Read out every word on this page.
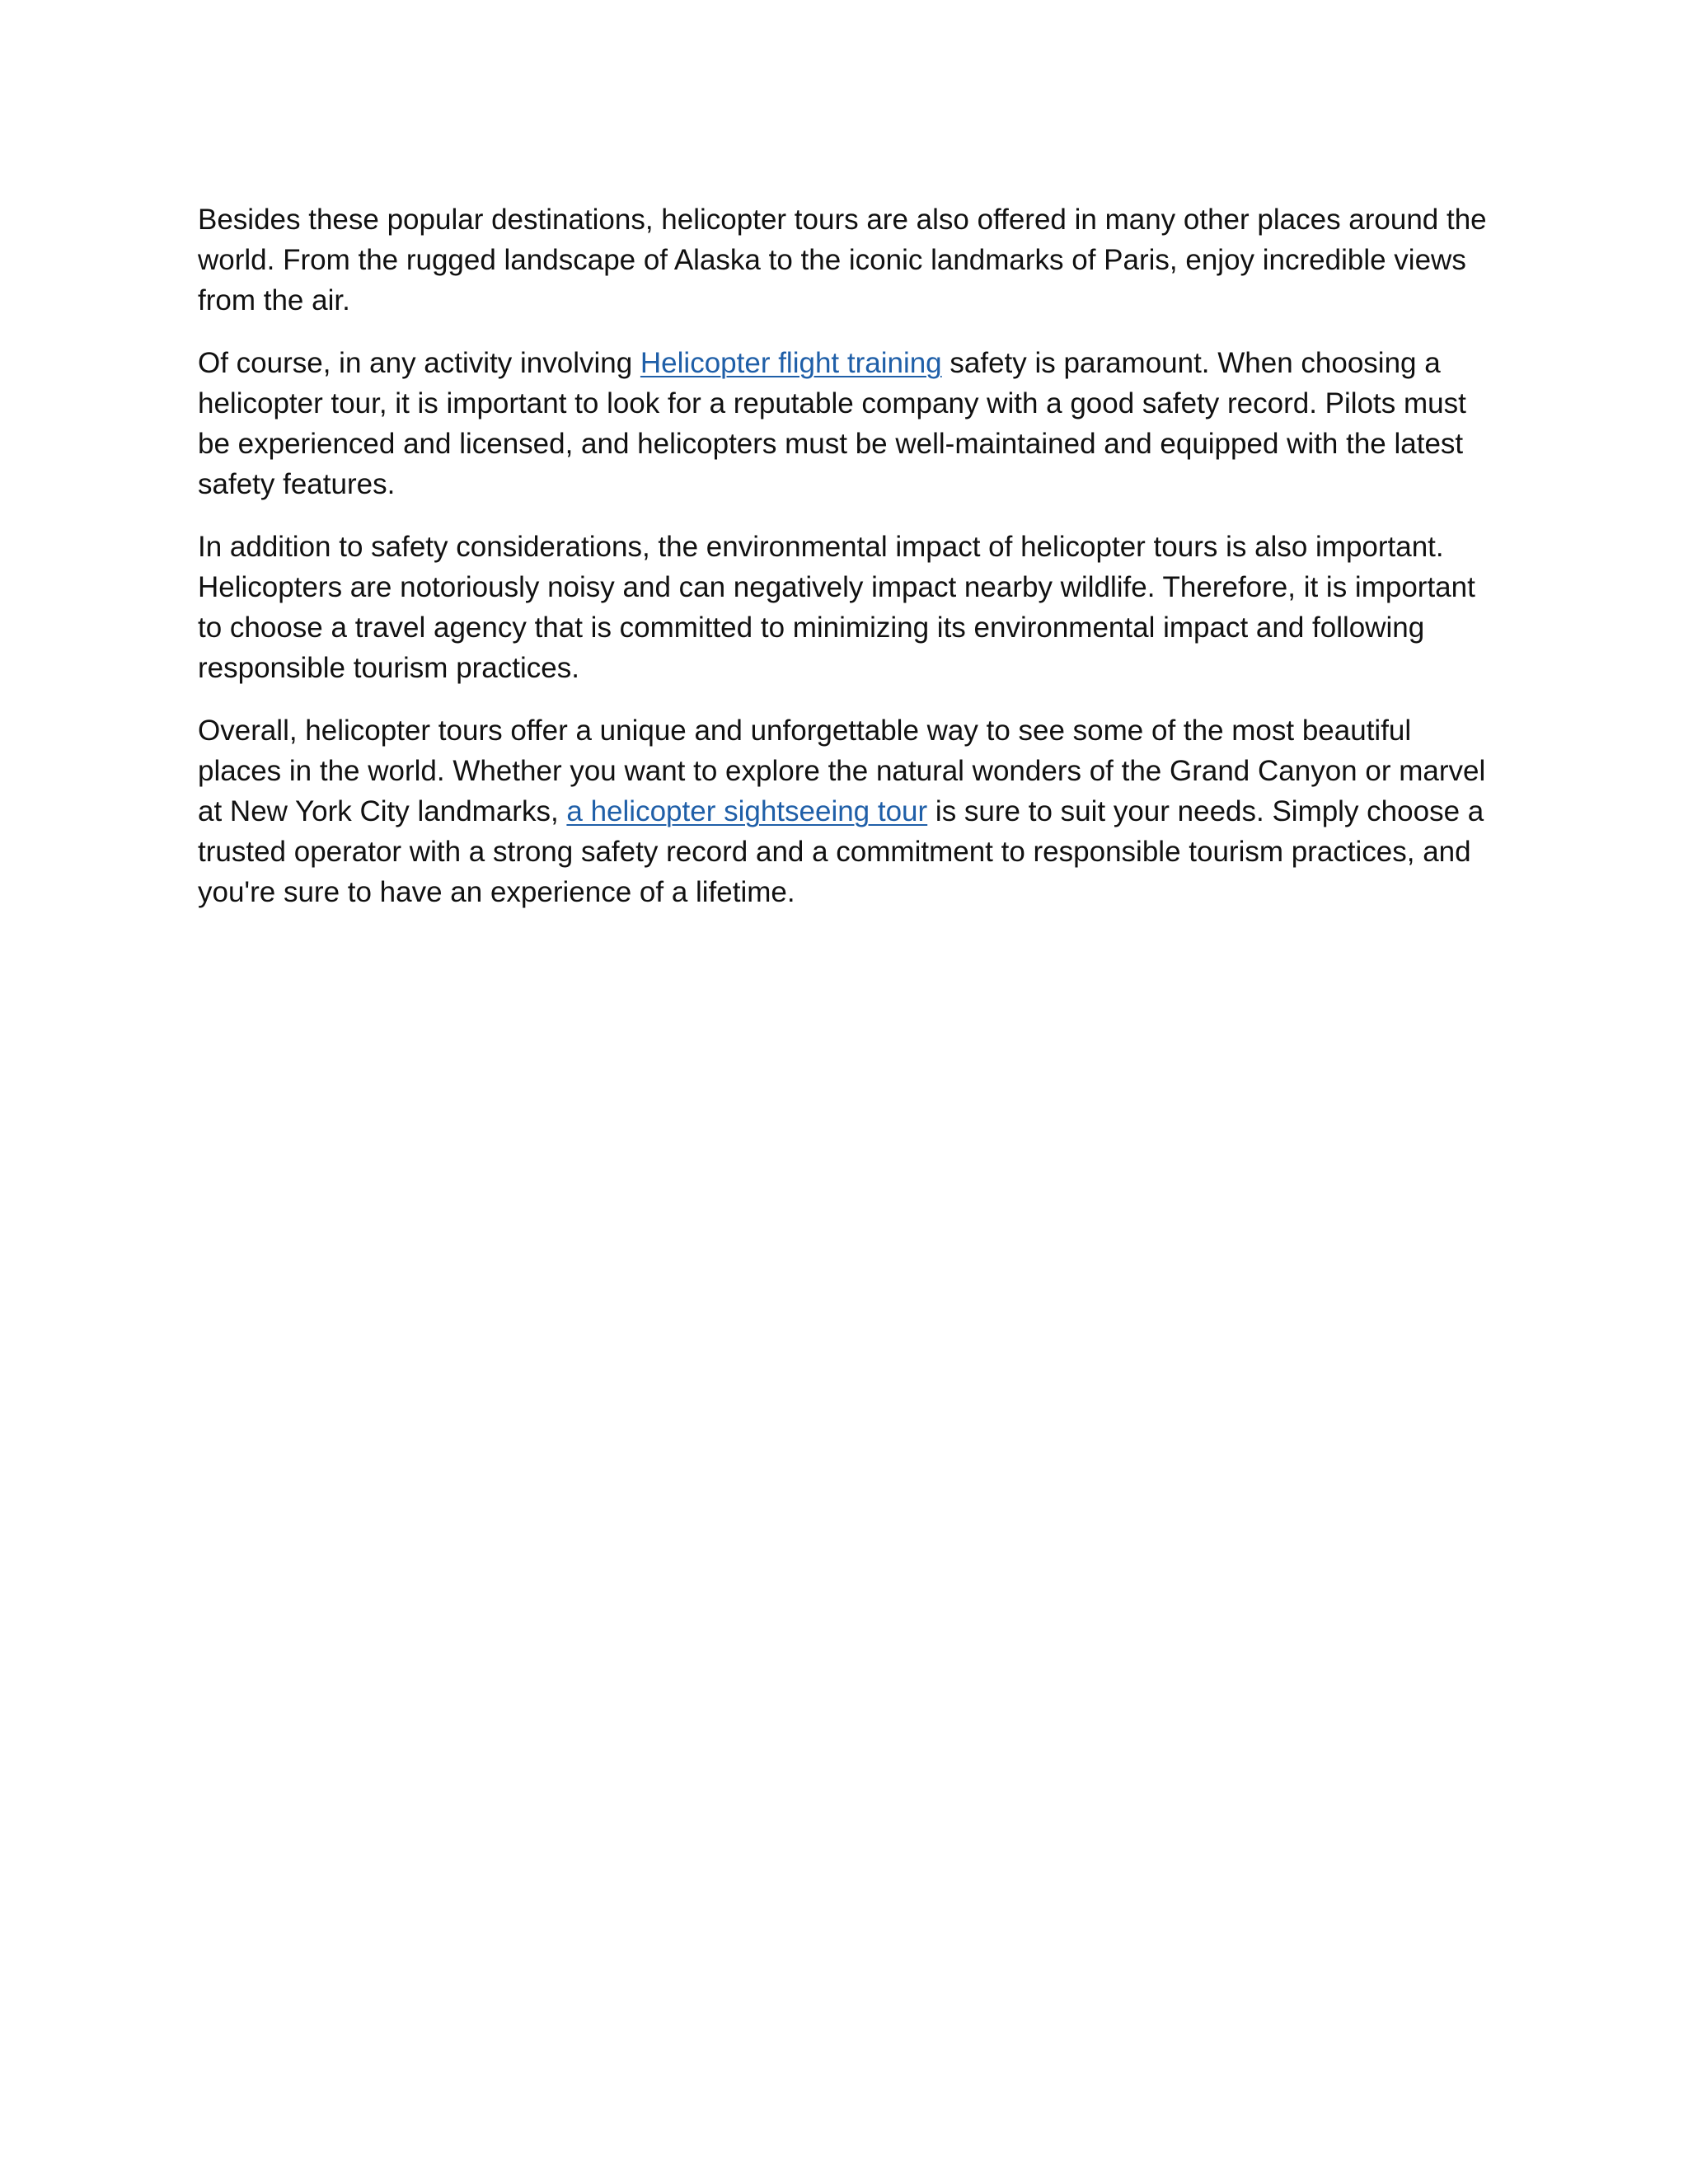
Besides these popular destinations, helicopter tours are also offered in many other places around the world. From the rugged landscape of Alaska to the iconic landmarks of Paris, enjoy incredible views from the air.

Of course, in any activity involving Helicopter flight training safety is paramount. When choosing a helicopter tour, it is important to look for a reputable company with a good safety record. Pilots must be experienced and licensed, and helicopters must be well-maintained and equipped with the latest safety features.

In addition to safety considerations, the environmental impact of helicopter tours is also important. Helicopters are notoriously noisy and can negatively impact nearby wildlife. Therefore, it is important to choose a travel agency that is committed to minimizing its environmental impact and following responsible tourism practices.

Overall, helicopter tours offer a unique and unforgettable way to see some of the most beautiful places in the world. Whether you want to explore the natural wonders of the Grand Canyon or marvel at New York City landmarks, a helicopter sightseeing tour is sure to suit your needs. Simply choose a trusted operator with a strong safety record and a commitment to responsible tourism practices, and you're sure to have an experience of a lifetime.
